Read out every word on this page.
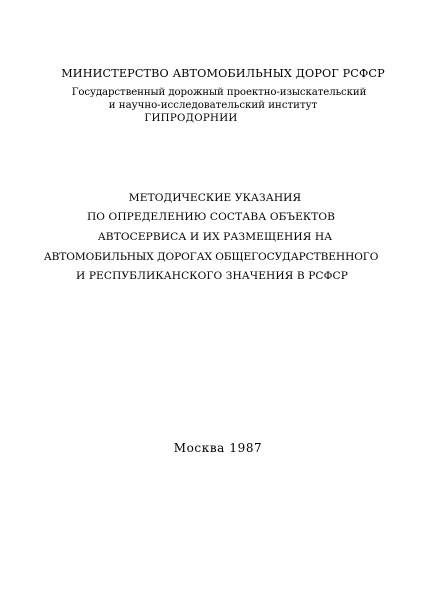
МИНИСТЕРСТВО АВТОМОБИЛЬНЫХ ДОРОГ РСФСР
Государственный дорожный проектно-изыскательский
и научно-исследовательский институт
ГИПРОДОРНИИ
МЕТОДИЧЕСКИЕ УКАЗАНИЯ
ПО ОПРЕДЕЛЕНИЮ СОСТАВА ОБЪЕКТОВ
АВТОСЕРВИСА И ИХ РАЗМЕЩЕНИЯ НА
АВТОМОБИЛЬНЫХ ДОРОГАХ ОБЩЕГОСУДАРСТВЕННОГО
И РЕСПУБЛИКАНСКОГО ЗНАЧЕНИЯ В РСФСР
Москва 1987
